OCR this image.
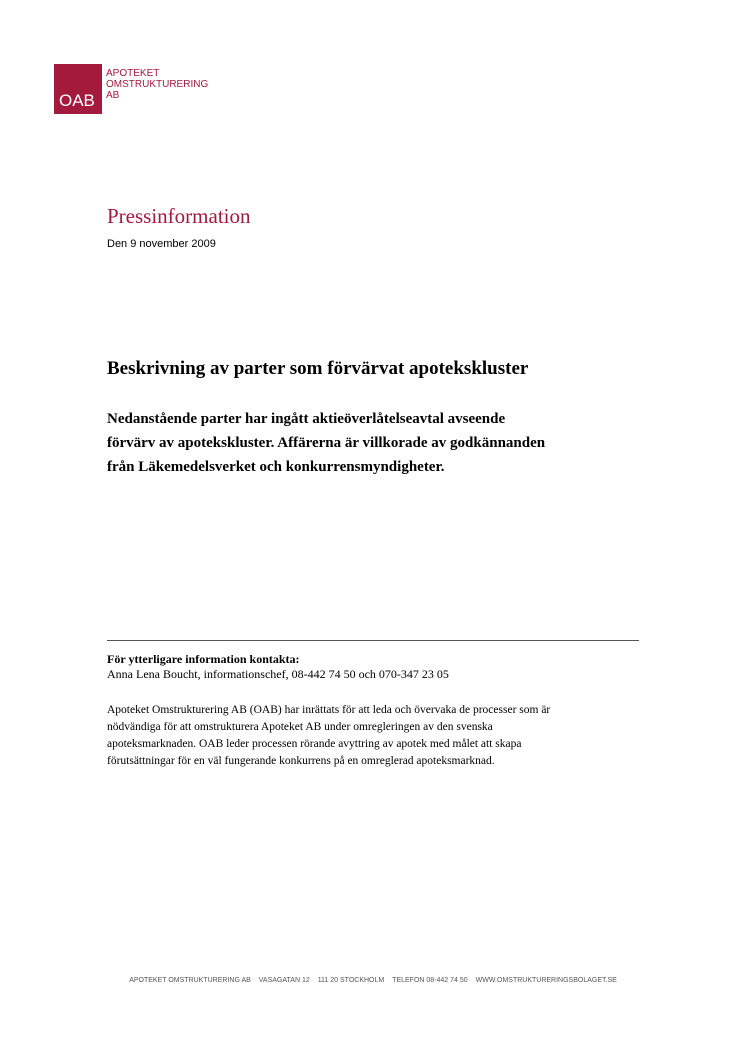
OAB
APOTEKET
OMSTRUKTURERING
AB
Pressinformation
Den 9 november 2009
Beskrivning av parter som förvärvat apotekskluster
Nedanstående parter har ingått aktieöverlåtelseavtal avseende
förvärv av apotekskluster. Affärerna är villkorade av godkännanden
från Läkemedelsverket och konkurrensmyndigheter.
För ytterligare information kontakta:
Anna Lena Boucht, informationschef, 08-442 74 50 och 070-347 23 05
Apoteket Omstrukturering AB (OAB) har inrättats för att leda och övervaka de processer som är
nödvändiga för att omstrukturera Apoteket AB under omregleringen av den svenska
apoteksmarknaden. OAB leder processen rörande avyttring av apotek med målet att skapa
förutsättningar för en väl fungerande konkurrens på en omreglerad apoteksmarknad.
APOTEKET OMSTRUKTURERING AB VASAGATAN 12 111 20 STOCKHOLM TELEFON 08-442 74 50 WWW.OMSTRUKTURERINGSBOLAGET.SE
